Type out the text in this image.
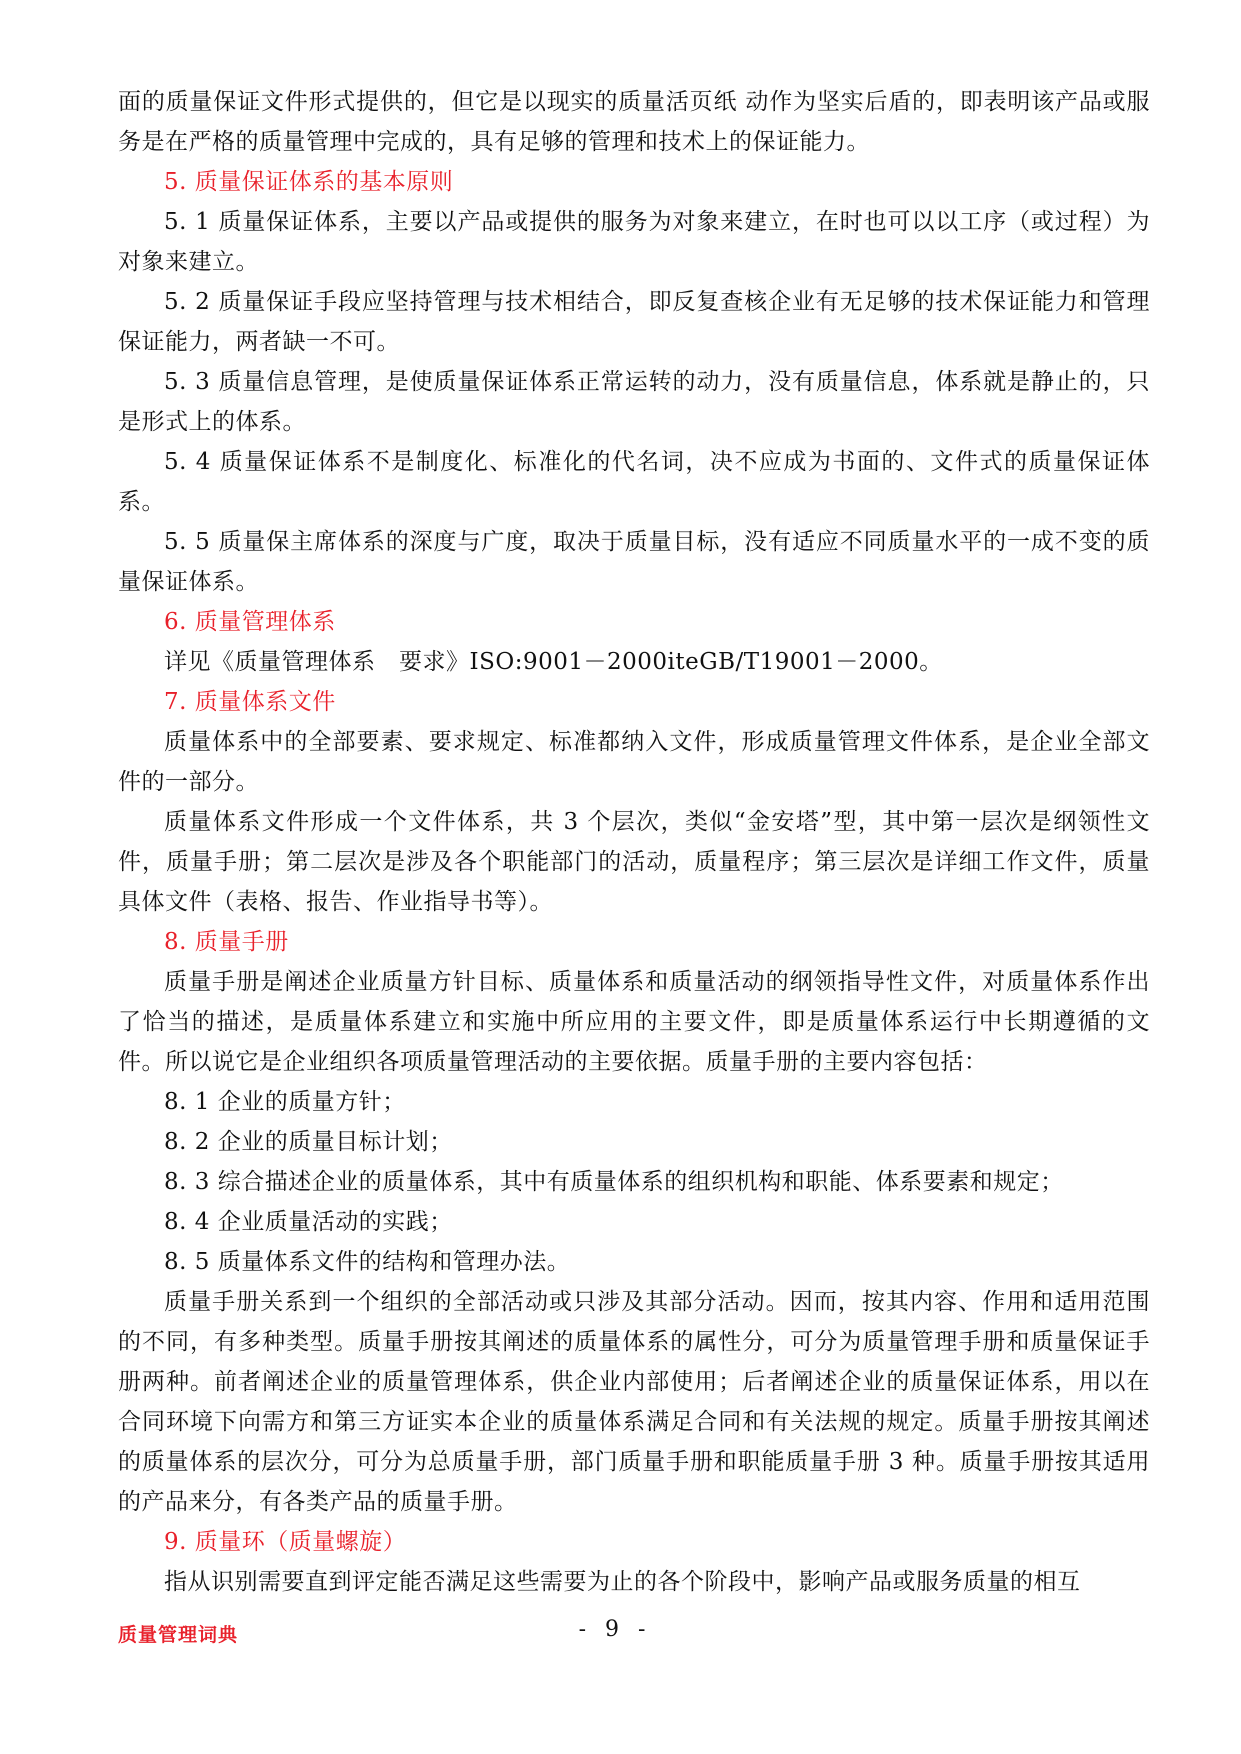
面的质量保证文件形式提供的，但它是以现实的质量活页纸 动作为坚实后盾的，即表明该产品或服务是在严格的质量管理中完成的，具有足够的管理和技术上的保证能力。

5. 质量保证体系的基本原则

5. 1 质量保证体系，主要以产品或提供的服务为对象来建立，在时也可以以工序（或过程）为对象来建立。

5. 2 质量保证手段应坚持管理与技术相结合，即反复查核企业有无足够的技术保证能力和管理保证能力，两者缺一不可。

5. 3 质量信息管理，是使质量保证体系正常运转的动力，没有质量信息，体系就是静止的，只是形式上的体系。

5. 4 质量保证体系不是制度化、标准化的代名词，决不应成为书面的、文件式的质量保证体系。

5. 5 质量保主席体系的深度与广度，取决于质量目标，没有适应不同质量水平的一成不变的质量保证体系。

6. 质量管理体系

详见《质量管理体系　要求》ISO:9001－2000iteGB/T19001－2000。

7. 质量体系文件

质量体系中的全部要素、要求规定、标准都纳入文件，形成质量管理文件体系，是企业全部文件的一部分。

质量体系文件形成一个文件体系，共 3 个层次，类似“金安塔”型，其中第一层次是纲领性文件，质量手册；第二层次是涉及各个职能部门的活动，质量程序；第三层次是详细工作文件，质量具体文件（表格、报告、作业指导书等）。

8. 质量手册

质量手册是阐述企业质量方针目标、质量体系和质量活动的纲领指导性文件，对质量体系作出了恰当的描述，是质量体系建立和实施中所应用的主要文件，即是质量体系运行中长期遵循的文件。所以说它是企业组织各项质量管理活动的主要依据。质量手册的主要内容包括：

8. 1 企业的质量方针；

8. 2 企业的质量目标计划；

8. 3 综合描述企业的质量体系，其中有质量体系的组织机构和职能、体系要素和规定；

8. 4 企业质量活动的实践；

8. 5 质量体系文件的结构和管理办法。

质量手册关系到一个组织的全部活动或只涉及其部分活动。因而，按其内容、作用和适用范围的不同，有多种类型。质量手册按其阐述的质量体系的属性分，可分为质量管理手册和质量保证手册两种。前者阐述企业的质量管理体系，供企业内部使用；后者阐述企业的质量保证体系，用以在合同环境下向需方和第三方证实本企业的质量体系满足合同和有关法规的规定。质量手册按其阐述的质量体系的层次分，可分为总质量手册，部门质量手册和职能质量手册 3 种。质量手册按其适用的产品来分，有各类产品的质量手册。

9. 质量环（质量螺旋）

指从识别需要直到评定能否满足这些需要为止的各个阶段中，影响产品或服务质量的相互

质量管理词典	- 9 -
